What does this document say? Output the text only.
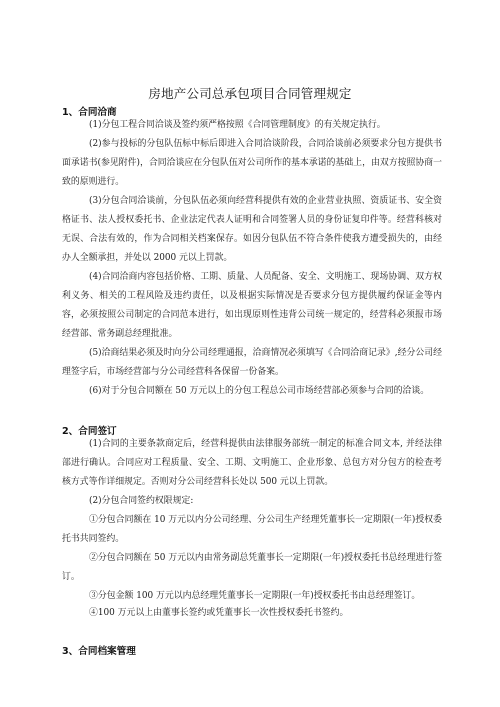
房地产公司总承包项目合同管理规定
1、合同洽商

(1)分包工程合同洽谈及签约须严格按照《合同管理制度》的有关规定执行。

(2)参与投标的分包队伍标中标后即进入合同洽谈阶段，合同洽谈前必须要求分包方提供书面承诺书(参见附件)，合同洽谈应在分包队伍对公司所作的基本承诺的基础上，由双方按照协商一致的原则进行。

(3)分包合同洽谈前，分包队伍必须向经营科提供有效的企业营业执照、资质证书、安全资格证书、法人授权委托书、企业法定代表人证明和合同签署人员的身份证复印件等。经营科核对无误、合法有效的，作为合同相关档案保存。如因分包队伍不符合条件使我方遭受损失的，由经办人全额承担，并处以 2000 元以上罚款。

(4)合同洽商内容包括价格、工期、质量、人员配备、安全、文明施工、现场协调、双方权利义务、相关的工程风险及违约责任，以及根据实际情况是否要求分包方提供履约保证金等内容，必须按照公司制定的合同范本进行，如出现原则性违背公司统一规定的，经营科必须报市场经营部、常务副总经理批准。

(5)洽商结果必须及时向分公司经理通报，洽商情况必须填写《合同洽商记录》,经分公司经理签字后，市场经营部与分公司经营科各保留一份备案。

(6)对于分包合同额在 50 万元以上的分包工程总公司市场经营部必须参与合同的洽谈。

2、合同签订

(1)合同的主要条款商定后，经营科提供由法律服务部统一制定的标准合同文本, 并经法律部进行确认。合同应对工程质量、安全、工期、文明施工、企业形象、总包方对分包方的检查考核方式等作详细规定。否则对分公司经营科长处以 500 元以上罚款。

(2)分包合同签约权限规定:

①分包合同额在 10 万元以内分公司经理、分公司生产经理凭董事长一定期限(一年)授权委托书共同签约。

②分包合同额在 50 万元以内由常务副总凭董事长一定期限(一年)授权委托书总经理进行签订。

③分包金额 100 万元以内总经理凭董事长一定期限(一年)授权委托书由总经理签订。

④100 万元以上由董事长签约或凭董事长一次性授权委托书签约。

3、合同档案管理
